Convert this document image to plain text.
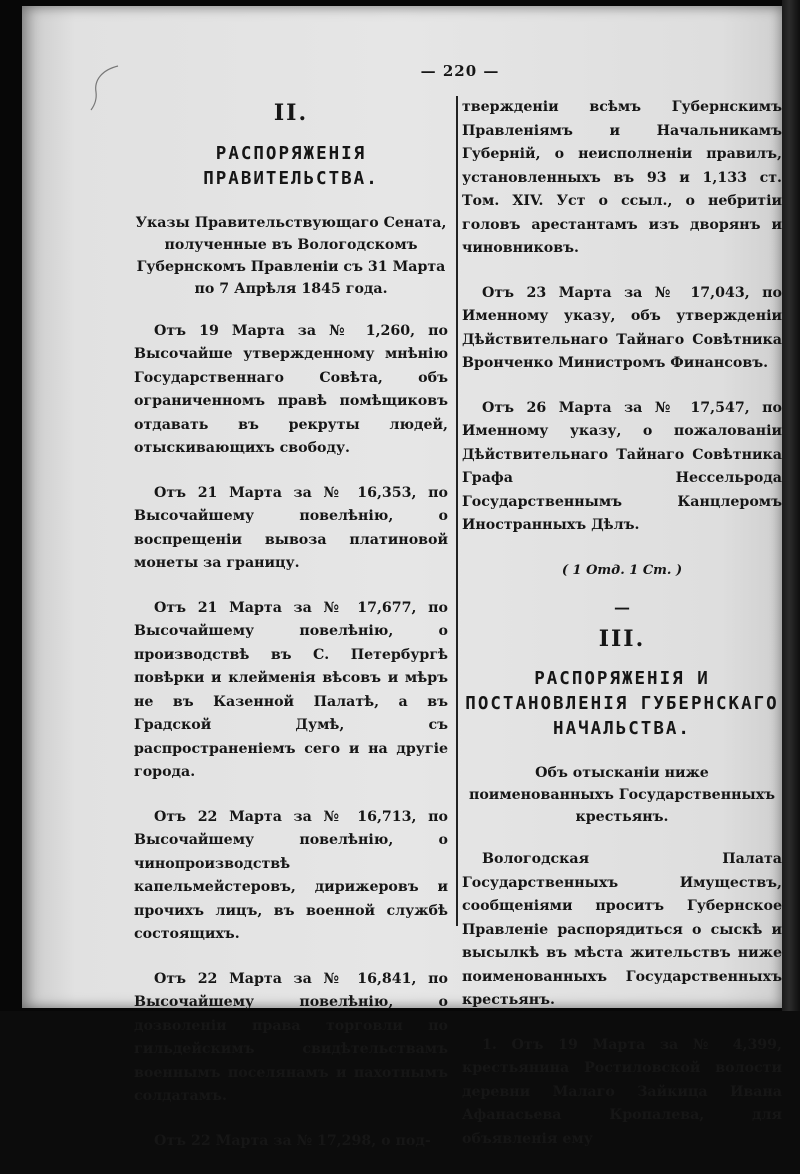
— 220 —
II.
РАСПОРЯЖЕНІЯ ПРАВИТЕЛЬСТВА.
Указы Правительствующаго Сената, полученные въ Вологодскомъ Губернскомъ Правленіи съ 31 Марта по 7 Апрѣля 1845 года.

Отъ 19 Марта за № 1,260, по Высочайше утвержденному мнѣнію Государственнаго Совѣта, объ ограниченномъ правѣ помѣщиковъ отдавать въ рекруты людей, отыскивающихъ свободу.

Отъ 21 Марта за № 16,353, по Высочайшему повелѣнію, о воспрещеніи вывоза платиновой монеты за границу.

Отъ 21 Марта за № 17,677, по Высочайшему повелѣнію, о производствѣ въ С. Петербургѣ повѣрки и клейменія вѣсовъ и мѣръ не въ Казенной Палатѣ, а въ Градской Думѣ, съ распространеніемъ сего и на другіе города.

Отъ 22 Марта за № 16,713, по Высочайшему повелѣнію, о чинопроизводствѣ капельмейстеровъ, дирижеровъ и прочихъ лицъ, въ военной службѣ состоящихъ.

Отъ 22 Марта за № 16,841, по Высочайшему повелѣнію, о дозволеніи права торговли по гильдейскимъ свидѣтельствамъ военнымъ поселянамъ и пахотнымъ солдатамъ.

Отъ 22 Марта за № 17,298, о под-

твержденіи всѣмъ Губернскимъ Правленіямъ и Начальникамъ Губерній, о неисполненіи правилъ, установленныхъ въ 93 и 1,133 ст. Том. XIV. Уст о ссыл., о небритіи головъ арестантамъ изъ дворянъ и чиновниковъ.

Отъ 23 Марта за № 17,043, по Именному указу, объ утвержденіи Дѣйствительнаго Тайнаго Совѣтника Вронченко Министромъ Финансовъ.

Отъ 26 Марта за № 17,547, по Именному указу, о пожалованіи Дѣйствительнаго Тайнаго Совѣтника Графа Нессельрода Государственнымъ Канцлеромъ Иностранныхъ Дѣлъ.

( 1 Отд. 1 Ст. )
—
III.
РАСПОРЯЖЕНІЯ И ПОСТАНОВЛЕНІЯ ГУБЕРНСКАГО НАЧАЛЬСТВА.
Объ отысканіи ниже поименованныхъ Государственныхъ крестьянъ.

Вологодская Палата Государственныхъ Имуществъ, сообщеніями проситъ Губернское Правленіе распорядиться о сыскѣ и высылкѣ въ мѣста жительствъ ниже поименованныхъ Государственныхъ крестьянъ.

1. Отъ 19 Марта за № 4,399, крестьянина Ростиловской волости деревни Малаго Зайкица Ивана Афанасьева Кропалева, для объявленія ему
